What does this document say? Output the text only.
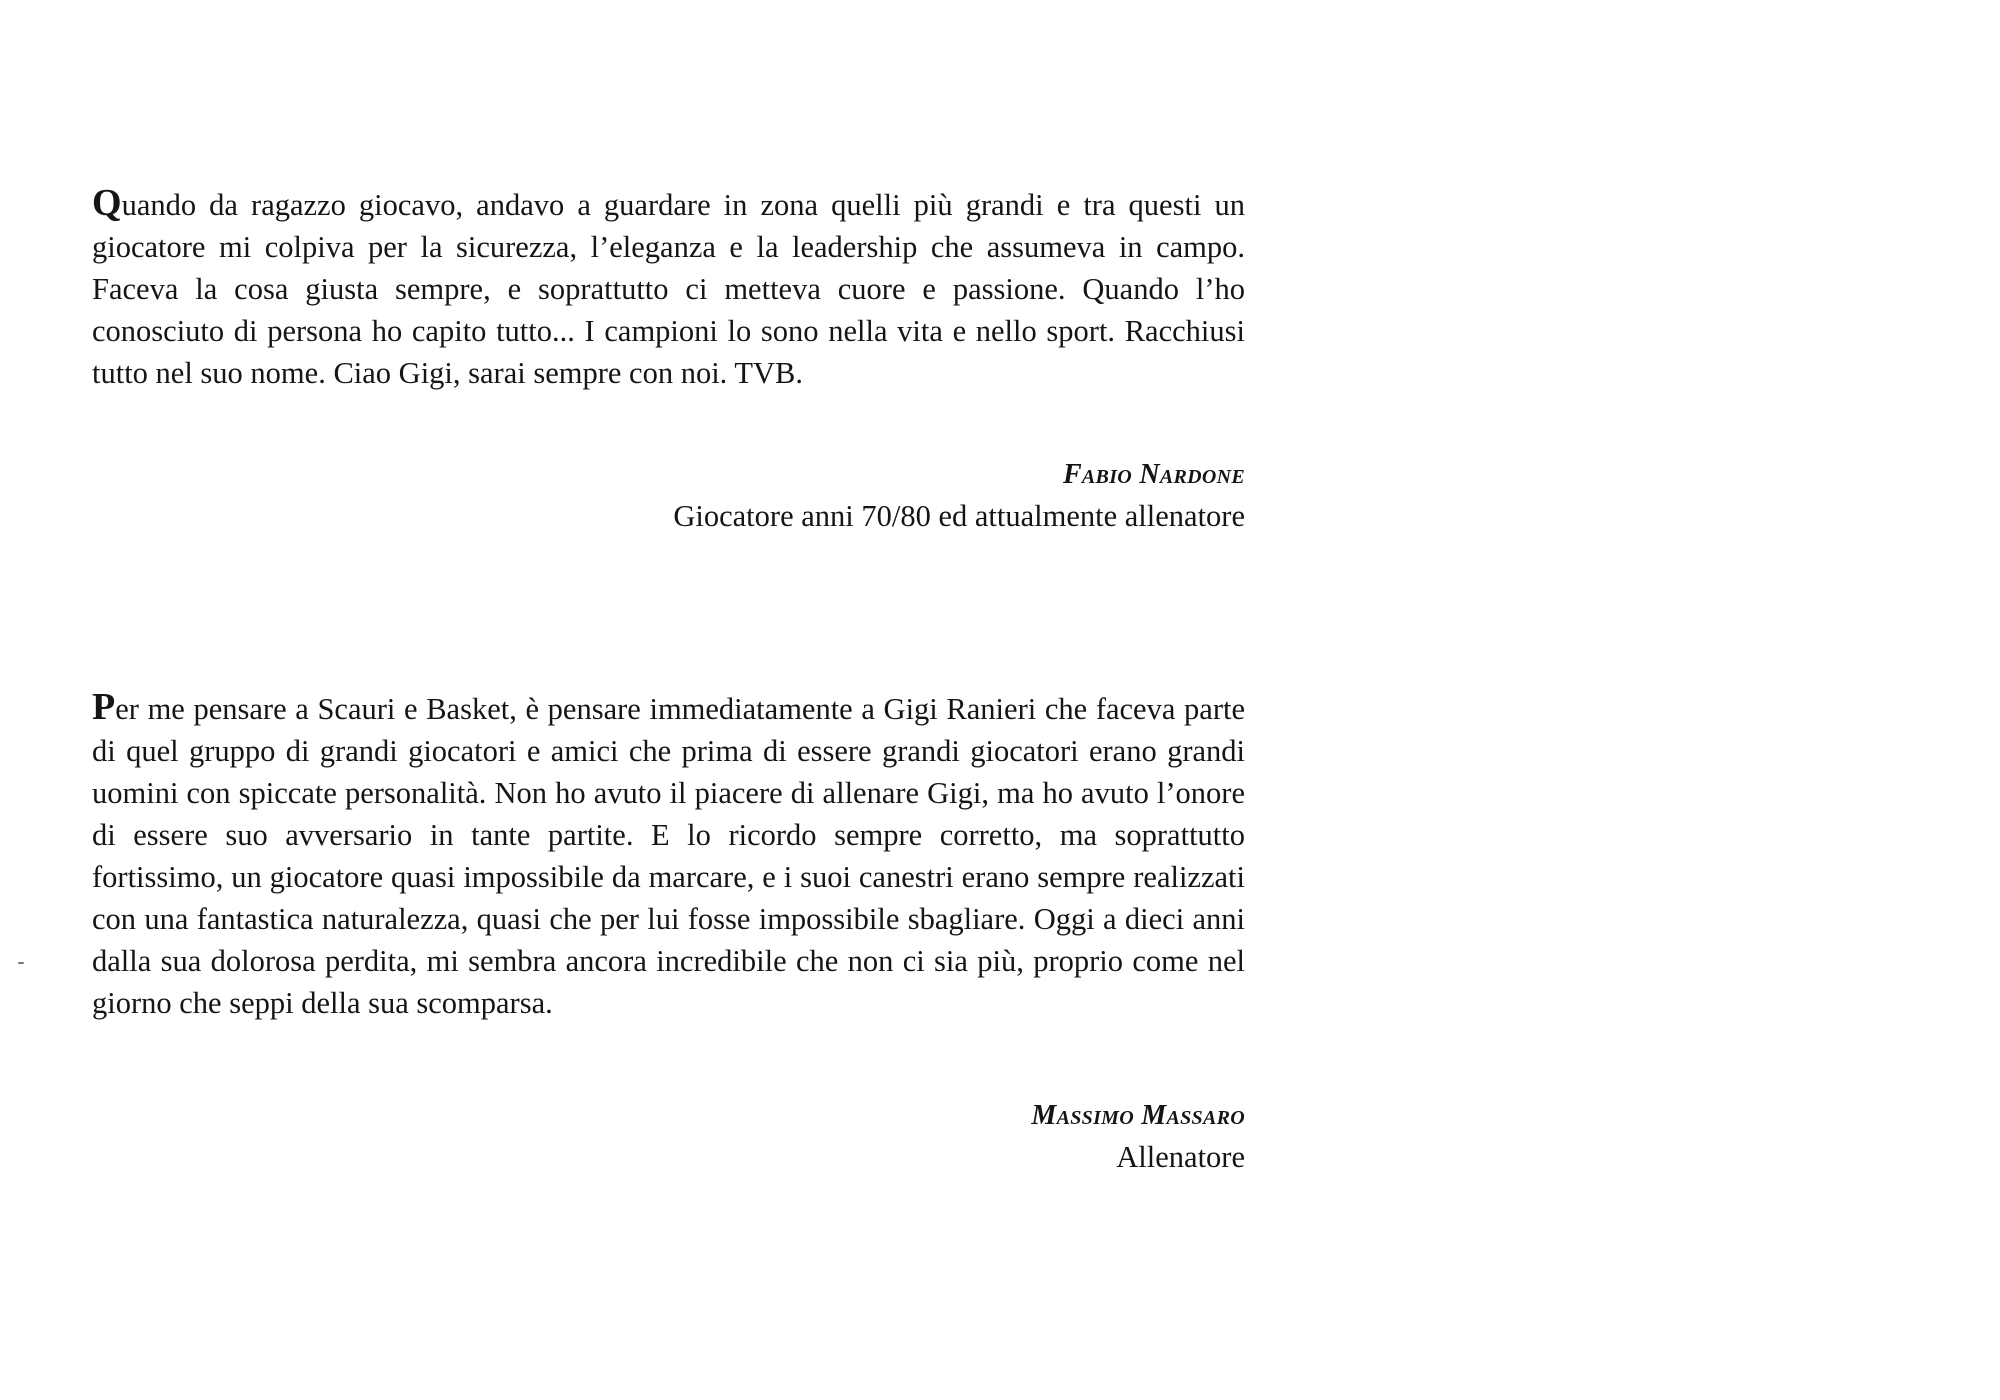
Quando da ragazzo giocavo, andavo a guardare in zona quelli più grandi e tra questi un giocatore mi colpiva per la sicurezza, l’eleganza e la leadership che assumeva in campo. Faceva la cosa giusta sempre, e soprattutto ci metteva cuore e passione. Quando l’ho conosciuto di persona ho capito tutto... I campioni lo sono nella vita e nello sport. Racchiusi tutto nel suo nome. Ciao Gigi, sarai sempre con noi. TVB.

Fabio Nardone
Giocatore anni 70/80 ed attualmente allenatore

Per me pensare a Scauri e Basket, è pensare immediatamente a Gigi Ranieri che faceva parte di quel gruppo di grandi giocatori e amici che prima di essere grandi giocatori erano grandi uomini con spiccate personalità. Non ho avuto il piacere di allenare Gigi, ma ho avuto l’onore di essere suo avversario in tante partite. E lo ricordo sempre corretto, ma soprattutto fortissimo, un giocatore quasi impossibile da marcare, e i suoi canestri erano sempre realizzati con una fantastica naturalezza, quasi che per lui fosse impossibile sbagliare. Oggi a dieci anni dalla sua dolorosa perdita, mi sembra ancora incredibile che non ci sia più, proprio come nel giorno che seppi della sua scomparsa.

Massimo Massaro
Allenatore
